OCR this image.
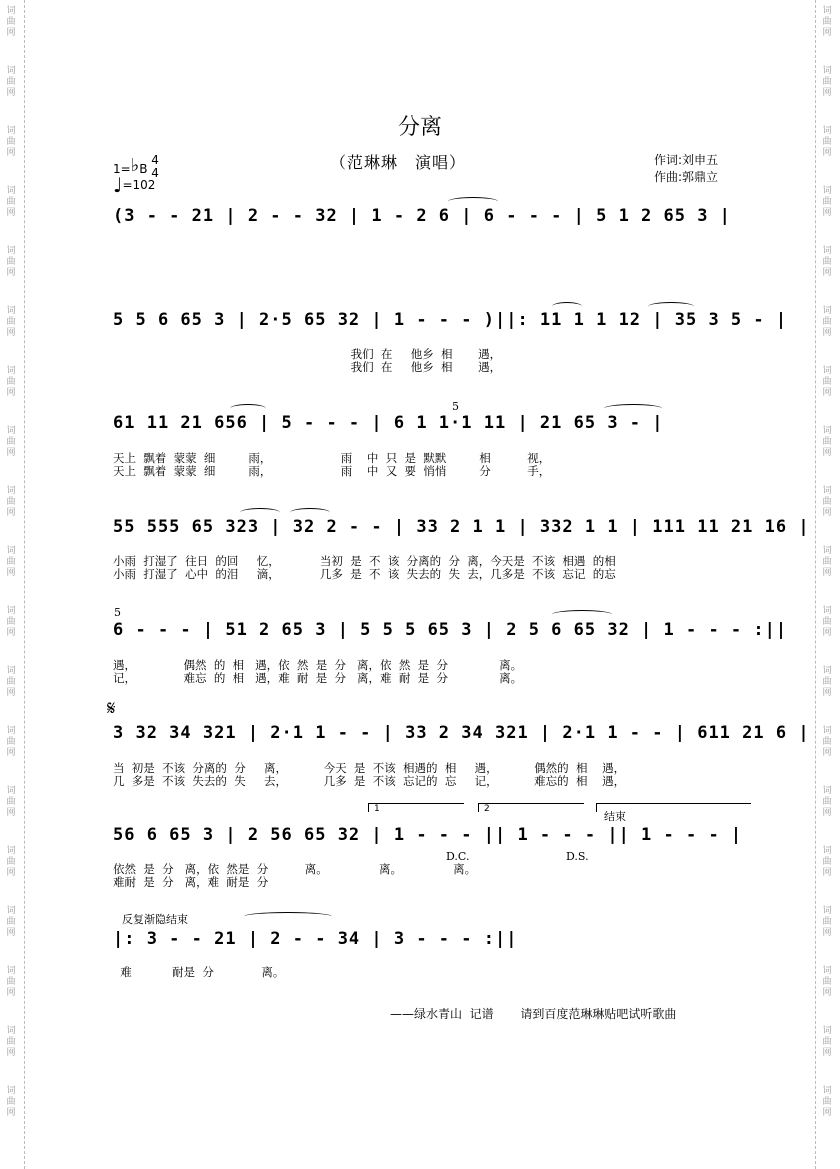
词
曲
网
词
曲
网
词
曲
网
词
曲
网
词
曲
网
词
曲
网
词
曲
网
词
曲
网
词
曲
网
词
曲
网
词
曲
网
词
曲
网
词
曲
网
词
曲
网
词
曲
网
词
曲
网
词
曲
网
词
曲
网
词
曲
网
词
曲
网
词
曲
网
词
曲
网
词
曲
网
词
曲
网
词
曲
网
词
曲
网
词
曲
网
词
曲
网
词
曲
网
词
曲
网
词
曲
网
词
曲
网
词
曲
网
词
曲
网
词
曲
网
词
曲
网
词
曲
网
词
曲
网
分离
（范琳琳　演唱）	作词:刘申五
作曲:郭鼎立
1=♭B 4
4
♩=102
(3 - - 21 | 2 - - 32 | 1 - 2 6 | 6 - - - | 5 1 2 65 3 |
5 5 6 65 3 | 2·5 65 32 | 1 - - - )||: 11 1 1 12 | 35 3 5 - |
我们  在     他乡  相       遇，
我们  在     他乡  相       遇，
61 11 21 656 | 5 - - - | 6 1 1·1 11 | 21 65 3 - |
天上  飘着  蒙蒙  细         雨，                   雨    中  只  是  默默         相          视，
天上  飘着  蒙蒙  细         雨，                   雨    中  又  要  悄悄         分          手，
5
55 555 65 323 | 32 2 - - | 33 2 1 1 | 332 1 1 | 111 11 21 16 |
小雨  打湿了  往日  的回     忆，           当初  是  不  该  分离的  分  离，今天是  不该  相遇  的相
小雨  打湿了  心中  的泪     滴，           几多  是  不  该  失去的  失  去，几多是  不该  忘记  的忘
6 - - - | 51 2 65 3 | 5 5 5 65 3 | 2 5 6 65 32 | 1 - - - :||
遇，             偶然  的  相   遇，依  然  是  分   离，依  然  是  分              离。
记，             难忘  的  相   遇，难  耐  是  分   离，难  耐  是  分              离。
5
𝄋
3 32 34 321 | 2·1 1 - - | 33 2 34 321 | 2·1 1 - - | 611 21 6 |
当  初是  不该  分离的  分     离，          今天  是  不该  相遇的  相     遇，          偶然的  相    遇，
几  多是  不该  失去的  失     去，          几多  是  不该  忘记的  忘     记，          难忘的  相    遇，
1	2
结束
56 6 65 3 | 2 56 65 32 | 1 - - - || 1 - - - || 1 - - - |
D.C.	D.S.
依然  是  分   离，依  然是  分          离。              离。              离。
难耐  是  分   离，难  耐是  分
反复渐隐结束
|: 3 - - 21 | 2 - - 34 | 3 - - - :||
难           耐是  分             离。
——绿水青山  记谱       请到百度范琳琳贴吧试听歌曲
